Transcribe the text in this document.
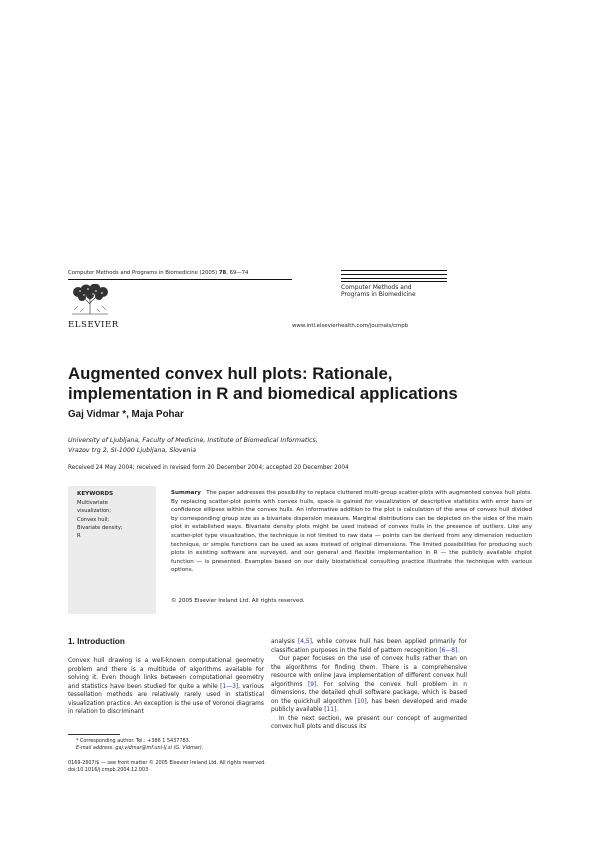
Computer Methods and Programs in Biomedicine (2005) 78, 69—74
ELSEVIER
Computer Methods and
Programs in Biomedicine
www.intl.elsevierhealth.com/journals/cmpb
Augmented convex hull plots: Rationale, implementation in R and biomedical applications
Gaj Vidmar *, Maja Pohar
University of Ljubljana, Faculty of Medicine, Institute of Biomedical Informatics,
Vrazov trg 2, SI-1000 Ljubljana, Slovenia
Received 24 May 2004; received in revised form 20 December 2004; accepted 20 December 2004
KEYWORDS
Multivariate
visualization;
Convex hull;
Bivariate density;
R
Summary The paper addresses the possibility to replace cluttered multi-group scatter-plots with augmented convex hull plots. By replacing scatter-plot points with convex hulls, space is gained for visualization of descriptive statistics with error bars or confidence ellipses within the convex hulls. An informative addition to the plot is calculation of the area of convex hull divided by corresponding group size as a bivariate dispersion measure. Marginal distributions can be depicted on the sides of the main plot in established ways. Bivariate density plots might be used instead of convex hulls in the presence of outliers. Like any scatter-plot type visualization, the technique is not limited to raw data — points can be derived from any dimension reduction technique, or simple functions can be used as axes instead of original dimensions. The limited possibilities for producing such plots in existing software are surveyed, and our general and flexible implementation in R — the publicly available chplot function — is presented. Examples based on our daily biostatistical consulting practice illustrate the technique with various options.
© 2005 Elsevier Ireland Ltd. All rights reserved.
1. Introduction

Convex hull drawing is a well-known computational geometry problem and there is a multitude of algorithms available for solving it. Even though links between computational geometry and statistics have been studied for quite a while [1—3], various tessellation methods are relatively rarely used in statistical visualization practice. An exception is the use of Voronoi diagrams in relation to discriminant

analysis [4,5], while convex hull has been applied primarily for classification purposes in the field of pattern recognition [6—8].

Our paper focuses on the use of convex hulls rather than on the algorithms for finding them. There is a comprehensive resource with online Java implementation of different convex hull algorithms [9]. For solving the convex hull problem in n dimensions, the detailed qhull software package, which is based on the quickhull algorithm [10], has been developed and made publicly available [11].

In the next section, we present our concept of augmented convex hull plots and discuss its

* Corresponding author. Tel.: +386 1 5437783.
E-mail address: gaj.vidmar@mf.uni-lj.si (G. Vidmar).
0169-2607/$ — see front matter © 2005 Elsevier Ireland Ltd. All rights reserved.
doi:10.1016/j.cmpb.2004.12.003
